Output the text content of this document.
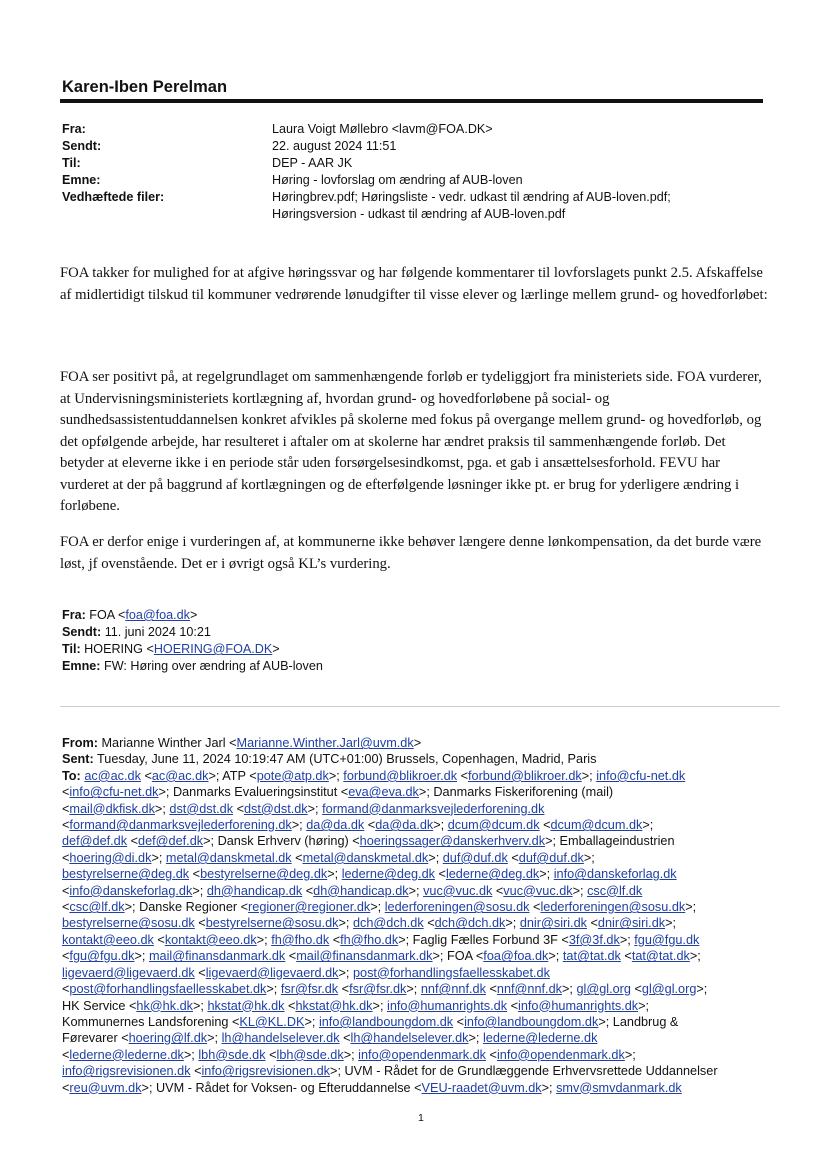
Karen-Iben Perelman
Fra:	Laura Voigt Møllebro <lavm@FOA.DK>
Sendt:	22. august 2024 11:51
Til:	DEP - AAR JK
Emne:	Høring - lovforslag om ændring af AUB-loven
Vedhæftede filer:	Høringbrev.pdf; Høringsliste - vedr. udkast til ændring af AUB-loven.pdf; Høringsversion - udkast til ændring af AUB-loven.pdf
FOA takker for mulighed for at afgive høringssvar og har følgende kommentarer til lovforslagets punkt 2.5. Afskaffelse af midlertidigt tilskud til kommuner vedrørende lønudgifter til visse elever og lærlinge mellem grund- og hovedforløbet:
FOA ser positivt på, at regelgrundlaget om sammenhængende forløb er tydeliggjort fra ministeriets side. FOA vurderer, at Undervisningsministeriets kortlægning af, hvordan grund- og hovedforløbene på social- og sundhedsassistentuddannelsen konkret afvikles på skolerne med fokus på overgange mellem grund- og hovedforløb, og det opfølgende arbejde, har resulteret i aftaler om at skolerne har ændret praksis til sammenhængende forløb. Det betyder at eleverne ikke i en periode står uden forsørgelsesindkomst, pga. et gab i ansættelsesforhold. FEVU har vurderet at der på baggrund af kortlægningen og de efterfølgende løsninger ikke pt. er brug for yderligere ændring i forløbene.
FOA er derfor enige i vurderingen af, at kommunerne ikke behøver længere denne lønkompensation, da det burde være løst, jf ovenstående. Det er i øvrigt også KL’s vurdering.
Fra: FOA <foa@foa.dk>
Sendt: 11. juni 2024 10:21
Til: HOERING <HOERING@FOA.DK>
Emne: FW: Høring over ændring af AUB-loven
From: Marianne Winther Jarl <Marianne.Winther.Jarl@uvm.dk>
Sent: Tuesday, June 11, 2024 10:19:47 AM (UTC+01:00) Brussels, Copenhagen, Madrid, Paris
To: ac@ac.dk <ac@ac.dk>; ATP <pote@atp.dk>; forbund@blikroer.dk <forbund@blikroer.dk>; info@cfu-net.dk
<info@cfu-net.dk>; Danmarks Evalueringsinstitut <eva@eva.dk>; Danmarks Fiskeriforening (mail)
<mail@dkfisk.dk>; dst@dst.dk <dst@dst.dk>; formand@danmarksvejlederforening.dk
<formand@danmarksvejlederforening.dk>; da@da.dk <da@da.dk>; dcum@dcum.dk <dcum@dcum.dk>;
def@def.dk <def@def.dk>; Dansk Erhverv (høring) <hoeringssager@danskerhverv.dk>; Emballageindustrien
<hoering@di.dk>; metal@danskmetal.dk <metal@danskmetal.dk>; duf@duf.dk <duf@duf.dk>;
bestyrelserne@deg.dk <bestyrelserne@deg.dk>; lederne@deg.dk <lederne@deg.dk>; info@danskeforlag.dk
<info@danskeforlag.dk>; dh@handicap.dk <dh@handicap.dk>; vuc@vuc.dk <vuc@vuc.dk>; csc@lf.dk
<csc@lf.dk>; Danske Regioner <regioner@regioner.dk>; lederforeningen@sosu.dk <lederforeningen@sosu.dk>;
bestyrelserne@sosu.dk <bestyrelserne@sosu.dk>; dch@dch.dk <dch@dch.dk>; dnir@siri.dk <dnir@siri.dk>;
kontakt@eeo.dk <kontakt@eeo.dk>; fh@fho.dk <fh@fho.dk>; Faglig Fælles Forbund 3F <3f@3f.dk>; fgu@fgu.dk
<fgu@fgu.dk>; mail@finansdanmark.dk <mail@finansdanmark.dk>; FOA <foa@foa.dk>; tat@tat.dk <tat@tat.dk>;
ligevaerd@ligevaerd.dk <ligevaerd@ligevaerd.dk>; post@forhandlingsfaellesskabet.dk
<post@forhandlingsfaellesskabet.dk>; fsr@fsr.dk <fsr@fsr.dk>; nnf@nnf.dk <nnf@nnf.dk>; gl@gl.org <gl@gl.org>;
HK Service <hk@hk.dk>; hkstat@hk.dk <hkstat@hk.dk>; info@humanrights.dk <info@humanrights.dk>;
Kommunernes Landsforening <KL@KL.DK>; info@landboungdom.dk <info@landboungdom.dk>; Landbrug &
Førevarer <hoering@lf.dk>; lh@handelselever.dk <lh@handelselever.dk>; lederne@lederne.dk
<lederne@lederne.dk>; lbh@sde.dk <lbh@sde.dk>; info@opendenmark.dk <info@opendenmark.dk>;
info@rigsrevisionen.dk <info@rigsrevisionen.dk>; UVM - Rådet for de Grundlæggende Erhvervsrettede Uddannelser
<reu@uvm.dk>; UVM - Rådet for Voksen- og Efteruddannelse <VEU-raadet@uvm.dk>; smv@smvdanmark.dk
1
